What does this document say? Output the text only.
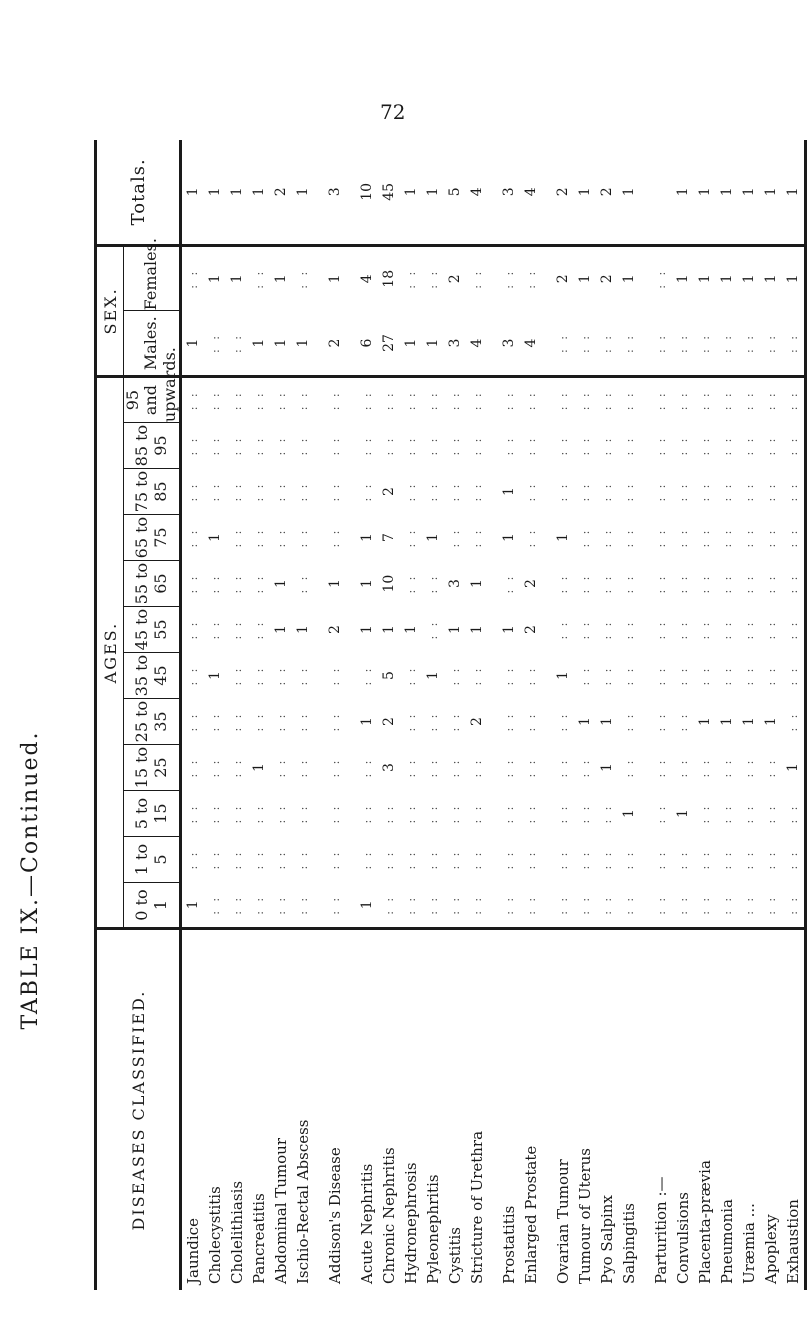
72
TABLE IX.—Continued.
DISEASES CLASSIFIED.	AGES.												SEX.		Totals.
	0 to 1	1 to 5	5 to 15	15 to 25	25 to 35	35 to 45	45 to 55	55 to 65	65 to 75	75 to 85	85 to 95	95 and upwards.	Males.	Females.	
Jaundice	1	: :	: :	: :	: :	: :	: :	: :	: :	: :	: :	: :	1	: :	1
Cholecystitis	: :	: :	: :	: :	: :	1	: :	: :	1	: :	: :	: :	: :	1	1
Cholelithiasis	: :	: :	: :	: :	: :	: :	: :	: :	: :	: :	: :	: :	: :	1	1
Pancreatitis	: :	: :	: :	1	: :	: :	: :	: :	: :	: :	: :	: :	1	: :	1
Abdominal Tumour	: :	: :	: :	: :	: :	: :	1	1	: :	: :	: :	: :	1	1	2
Ischio-Rectal Abscess	: :	: :	: :	: :	: :	: :	1	: :	: :	: :	: :	: :	1	: :	1

Addison's Disease	: :	: :	: :	: :	: :	: :	2	1	: :	: :	: :	: :	2	1	3

Acute Nephritis	1	: :	: :	: :	1	: :	1	1	1	: :	: :	: :	6	4	10
Chronic Nephritis	: :	: :	: :	3	2	5	1	10	7	2	: :	: :	27	18	45
Hydronephrosis	: :	: :	: :	: :	: :	: :	1	: :	: :	: :	: :	: :	1	: :	1
Pyleonephritis	: :	: :	: :	: :	: :	1	: :	: :	1	: :	: :	: :	1	: :	1
Cystitis	: :	: :	: :	: :	: :	: :	1	3	: :	: :	: :	: :	3	2	5
Stricture of Urethra	: :	: :	: :	: :	2	: :	1	1	: :	: :	: :	: :	4	: :	4

Prostatitis	: :	: :	: :	: :	: :	: :	1	: :	1	1	: :	: :	3	: :	3
Enlarged Prostate	: :	: :	: :	: :	: :	: :	2	2	: :	: :	: :	: :	4	: :	4

Ovarian Tumour	: :	: :	: :	: :	: :	1	: :	: :	1	: :	: :	: :	: :	2	2
Tumour of Uterus	: :	: :	: :	: :	1	: :	: :	: :	: :	: :	: :	: :	: :	1	1
Pyo Salpinx	: :	: :	: :	1	1	: :	: :	: :	: :	: :	: :	: :	: :	2	2
Salpingitis	: :	: :	1	: :	: :	: :	: :	: :	: :	: :	: :	: :	: :	1	1

Parturition :—	: :	: :	: :	: :	: :	: :	: :	: :	: :	: :	: :	: :	: :	: :	
Convulsions	: :	: :	1	: :	: :	: :	: :	: :	: :	: :	: :	: :	: :	1	1
Placenta-prævia	: :	: :	: :	: :	1	: :	: :	: :	: :	: :	: :	: :	: :	1	1
Pneumonia	: :	: :	: :	: :	1	: :	: :	: :	: :	: :	: :	: :	: :	1	1
Uræmia ...	: :	: :	: :	: :	1	: :	: :	: :	: :	: :	: :	: :	: :	1	1
Apoplexy	: :	: :	: :	: :	1	: :	: :	: :	: :	: :	: :	: :	: :	1	1
Exhaustion	: :	: :	: :	1	: :	: :	: :	: :	: :	: :	: :	: :	: :	1	1
